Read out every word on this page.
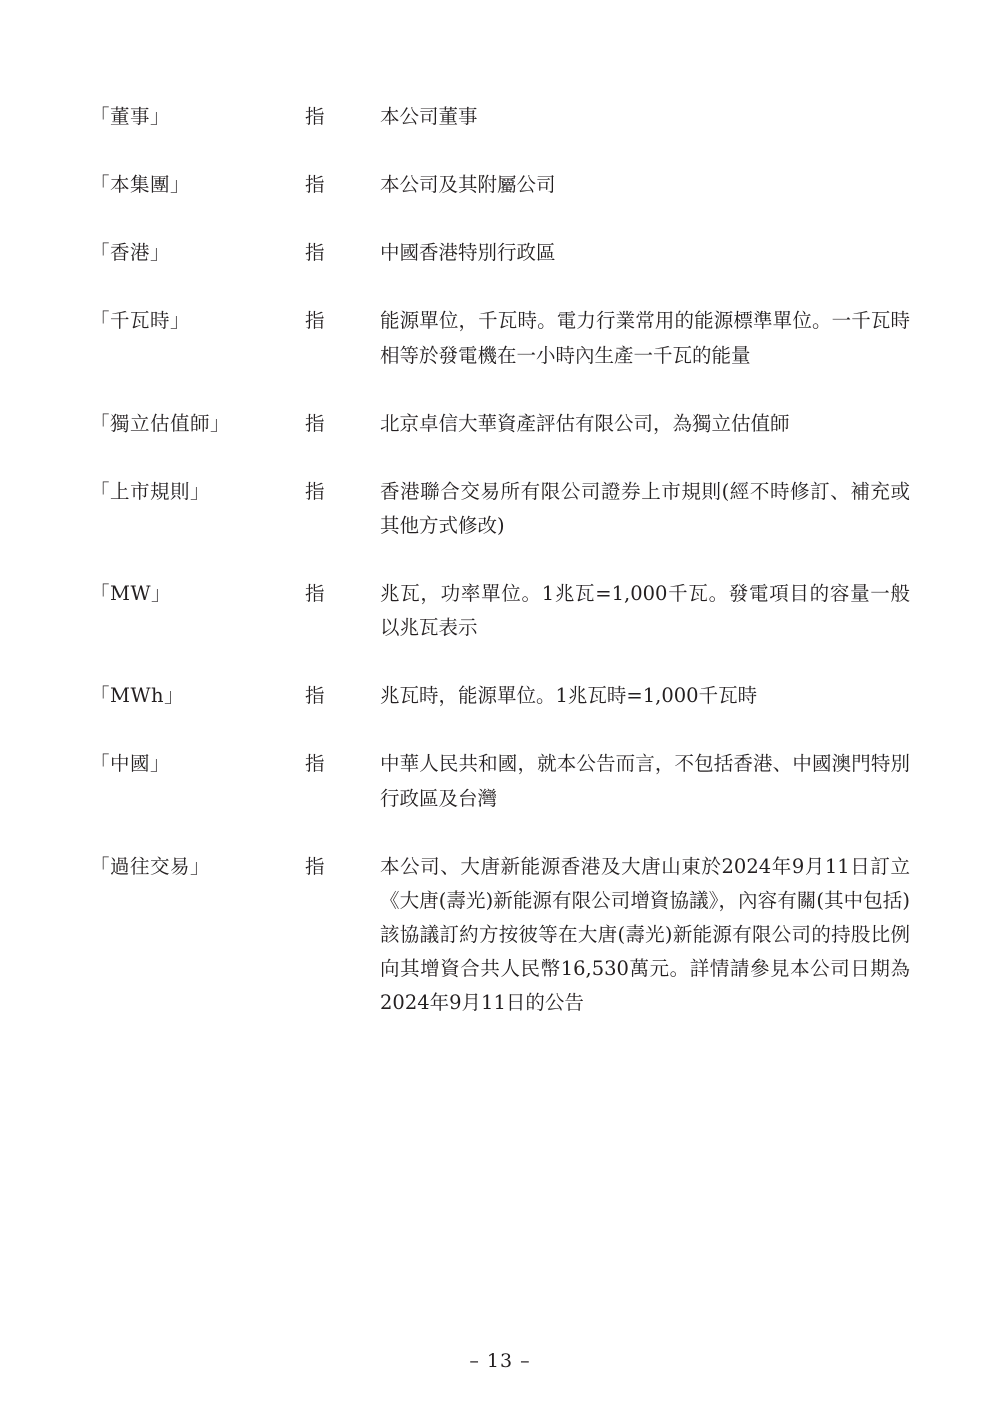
「董事」	指	本公司董事
「本集團」	指	本公司及其附屬公司
「香港」	指	中國香港特別行政區
「千瓦時」	指	能源單位，千瓦時。電力行業常用的能源標準單位。一千瓦時相等於發電機在一小時內生產一千瓦的能量
「獨立估值師」	指	北京卓信大華資產評估有限公司，為獨立估值師
「上市規則」	指	香港聯合交易所有限公司證券上市規則(經不時修訂、補充或其他方式修改)
「MW」	指	兆瓦，功率單位。1兆瓦=1,000千瓦。發電項目的容量一般以兆瓦表示
「MWh」	指	兆瓦時，能源單位。1兆瓦時=1,000千瓦時
「中國」	指	中華人民共和國，就本公告而言，不包括香港、中國澳門特別行政區及台灣
「過往交易」	指	本公司、大唐新能源香港及大唐山東於2024年9月11日訂立《大唐(壽光)新能源有限公司增資協議》，內容有關(其中包括)該協議訂約方按彼等在大唐(壽光)新能源有限公司的持股比例向其增資合共人民幣16,530萬元。詳情請參見本公司日期為2024年9月11日的公告
– 13 –
